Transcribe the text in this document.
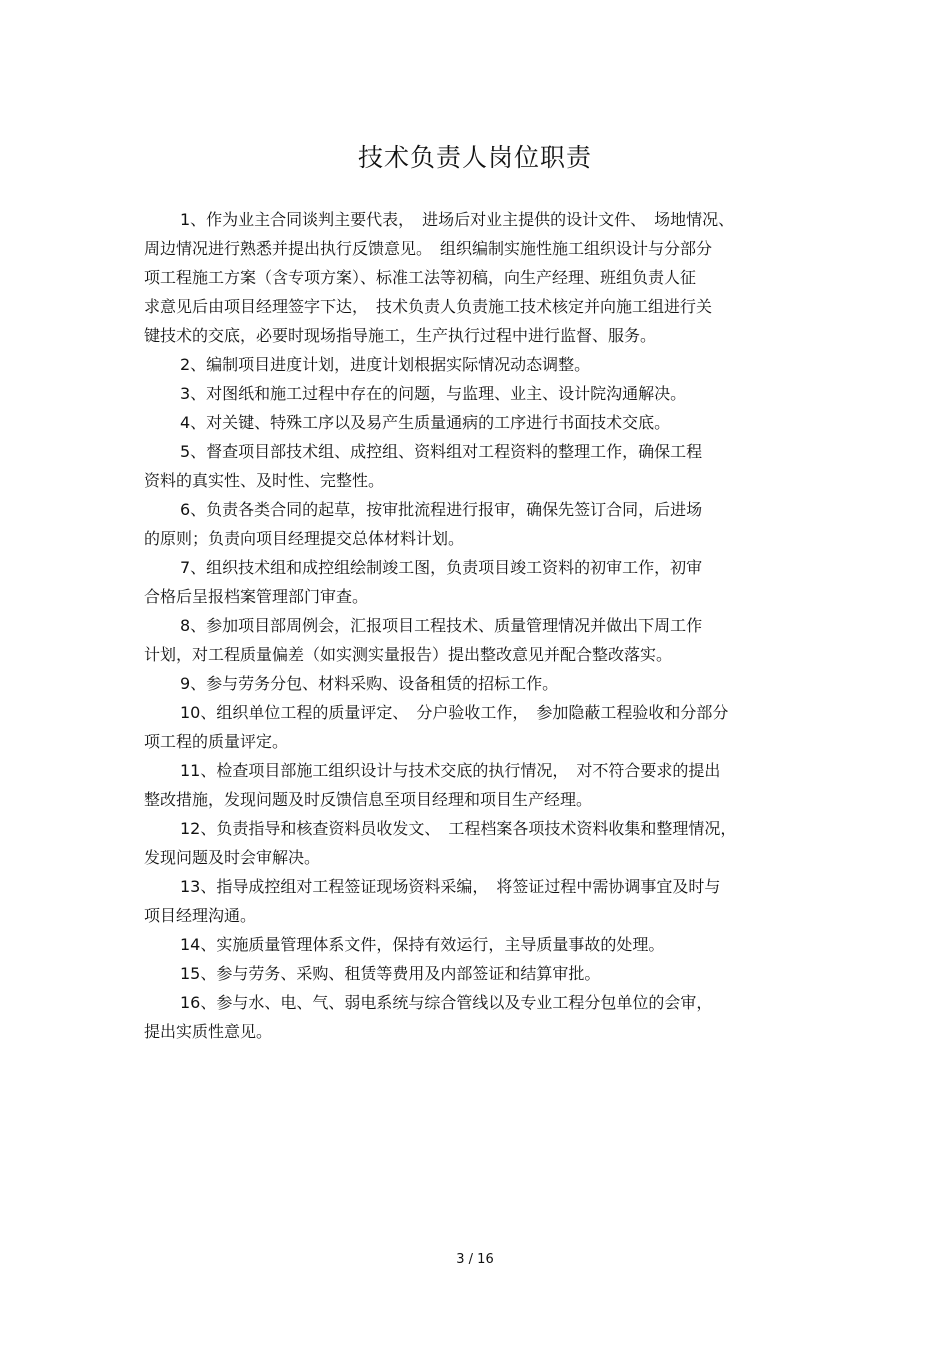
技术负责人岗位职责
1、作为业主合同谈判主要代表，　进场后对业主提供的设计文件、　场地情况、
周边情况进行熟悉并提出执行反馈意见。　组织编制实施性施工组织设计与分部分
项工程施工方案（含专项方案）、标准工法等初稿，向生产经理、班组负责人征
求意见后由项目经理签字下达，　技术负责人负责施工技术核定并向施工组进行关
键技术的交底，必要时现场指导施工，生产执行过程中进行监督、服务。
2、编制项目进度计划，进度计划根据实际情况动态调整。
3、对图纸和施工过程中存在的问题，与监理、业主、设计院沟通解决。
4、对关键、特殊工序以及易产生质量通病的工序进行书面技术交底。
5、督查项目部技术组、成控组、资料组对工程资料的整理工作，确保工程
资料的真实性、及时性、完整性。
6、负责各类合同的起草，按审批流程进行报审，确保先签订合同，后进场
的原则；负责向项目经理提交总体材料计划。
7、组织技术组和成控组绘制竣工图，负责项目竣工资料的初审工作，初审
合格后呈报档案管理部门审查。
8、参加项目部周例会，汇报项目工程技术、质量管理情况并做出下周工作
计划，对工程质量偏差（如实测实量报告）提出整改意见并配合整改落实。
9、参与劳务分包、材料采购、设备租赁的招标工作。
10、组织单位工程的质量评定、　分户验收工作，　参加隐蔽工程验收和分部分
项工程的质量评定。
11、检查项目部施工组织设计与技术交底的执行情况，　对不符合要求的提出
整改措施，发现问题及时反馈信息至项目经理和项目生产经理。
12、负责指导和核查资料员收发文、　工程档案各项技术资料收集和整理情况，
发现问题及时会审解决。
13、指导成控组对工程签证现场资料采编，　将签证过程中需协调事宜及时与
项目经理沟通。
14、实施质量管理体系文件，保持有效运行，主导质量事故的处理。
15、参与劳务、采购、租赁等费用及内部签证和结算审批。
16、参与水、电、气、弱电系统与综合管线以及专业工程分包单位的会审，
提出实质性意见。
3 / 16
